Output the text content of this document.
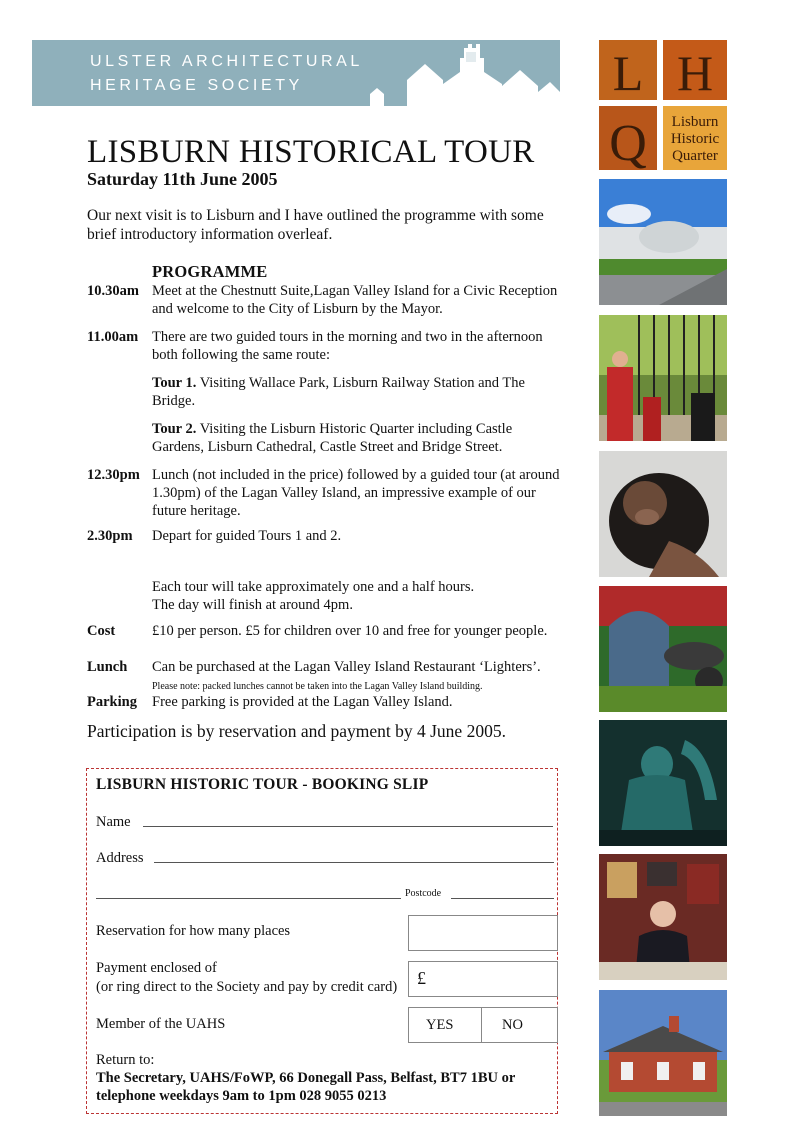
ULSTER ARCHITECTURAL
HERITAGE SOCIETY
LISBURN HISTORICAL TOUR
Saturday 11th June 2005
Our next visit is to Lisburn and I have outlined the programme with some brief introductory information overleaf.
PROGRAMME
10.30am Meet at the Chestnutt Suite,Lagan Valley Island for a Civic Reception and welcome to the City of Lisburn by the Mayor.
11.00am There are two guided tours in the morning and two in the afternoon both following the same route:
Tour 1. Visiting Wallace Park, Lisburn Railway Station and The Bridge.
Tour 2. Visiting the Lisburn Historic Quarter including Castle Gardens, Lisburn Cathedral, Castle Street and Bridge Street.
12.30pm Lunch (not included in the price) followed by a guided tour (at around 1.30pm) of the Lagan Valley Island, an impressive example of our future heritage.
2.30pm Depart for guided Tours 1 and 2.
Each tour will take approximately one and a half hours.
The day will finish at around 4pm.
Cost	£10 per person. £5 for children over 10 and free for younger people.
Lunch Can be purchased at the Lagan Valley Island Restaurant ‘Lighters’.
Please note: packed lunches cannot be taken into the Lagan Valley Island building.
Parking Free parking is provided at the Lagan Valley Island.
Participation is by reservation and payment by 4 June 2005.
LISBURN HISTORIC TOUR - BOOKING SLIP
Name
Address
Postcode
Reservation for how many places
Payment enclosed of
(or ring direct to the Society and pay by credit card) £
Member of the UAHS	YES	NO
Return to:
The Secretary, UAHS/FoWP, 66 Donegall Pass, Belfast, BT7 1BU or
telephone weekdays 9am to 1pm 028 9055 0213
L H
Q Lisburn
Historic
Quarter
